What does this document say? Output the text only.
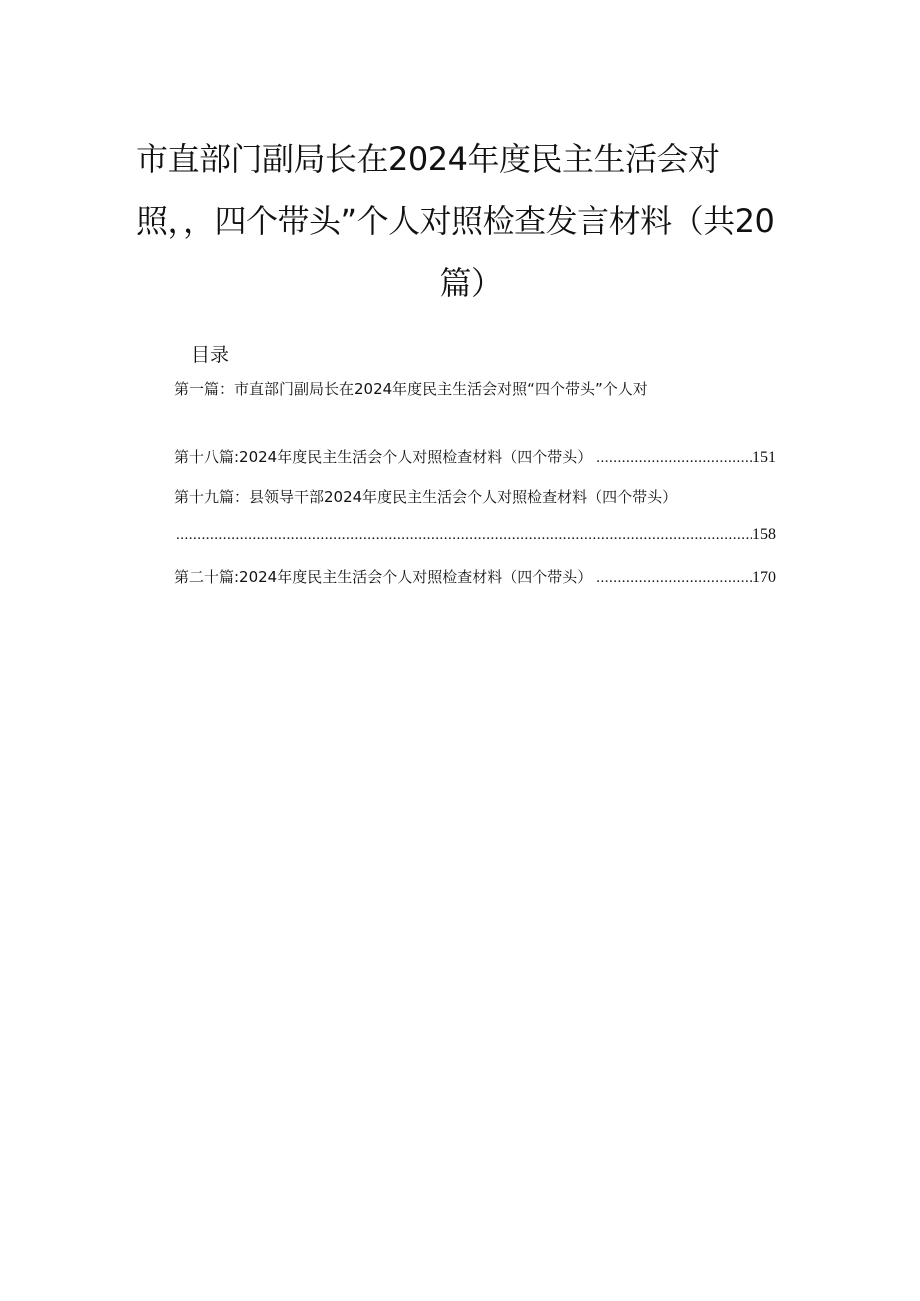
市直部门副局长在2024年度民主生活会对
照，，四个带头”个人对照检查发言材料（共20
篇）
目录
第一篇：市直部门副局长在2024年度民主生活会对照“四个带头”个人对
第十八篇:2024年度民主生活会个人对照检查材料（四个带头） .....	151
第十九篇：县领导干部2024年度民主生活会个人对照检查材料（四个带头）
.....
158
第二十篇:2024年度民主生活会个人对照检查材料（四个带头） .....	170
